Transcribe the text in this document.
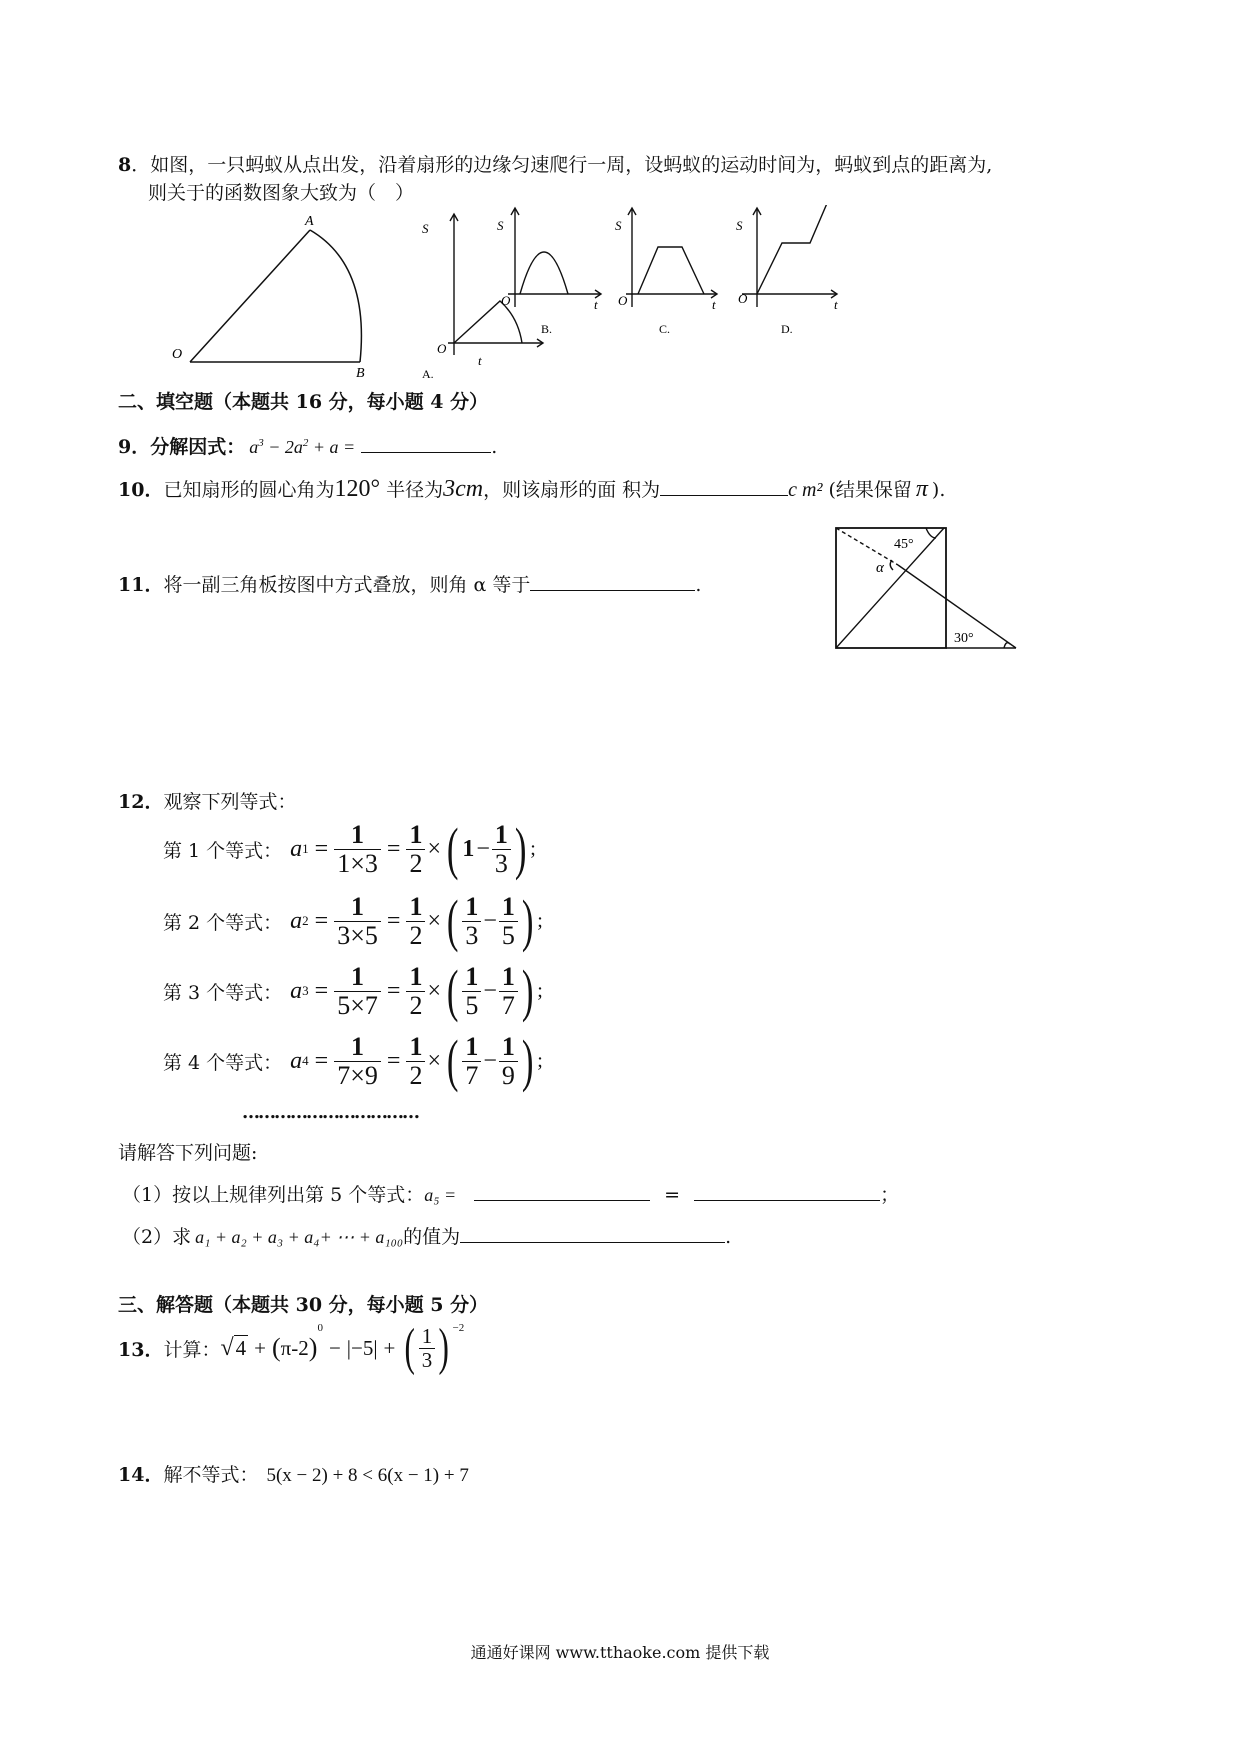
8．如图，一只蚂蚁从点出发，沿着扇形的边缘匀速爬行一周，设蚂蚁的运动时间为，蚂蚁到点的距离为,
则关于的函数图象大致为（　）
A
O
B
S
t
O
A.
S
t
O
B.
S
t
O
C.
S
t
O
D.
二、填空题（本题共 16 分，每小题 4 分）
9． 分解因式： $a^3 - 2a^2 + a$ =	.
10． 已知扇形的圆心角为 120° 半径为 3cm ，则该扇形的面 积为	c m² (结果保留 π ).
11． 将一副三角板按图中方式叠放，则角 α 等于	.
45°
α
30°
12． 观察下列等式：
第 1 个等式： a $1 = \frac{1}{1\times 3} = \frac{1}{2}$ × ( $1 - \frac{1}{3}$ ) ;
第 2 个等式： a $2 = \frac{1}{3\times 5} = \frac{1}{2}$ × ( $\frac{1}{3} - \frac{1}{5}$ ) ;
第 3 个等式： a $3 = \frac{1}{5\times 7} = \frac{1}{2}$ × ( $\frac{1}{5} - \frac{1}{7}$ ) ;
第 4 个等式： a $4 = \frac{1}{7\times 9} = \frac{1}{2}$ × ( $\frac{1}{7} - \frac{1}{9}$ ) ;
……………………………
请解答下列问题:
（1）按以上规律列出第 5 个等式： a₅ =	=	；
（2）求 a₁ + a₂ + a₃ + a₄+ ⋯ + a₁₀₀ 的值为	.
三、解答题（本题共 30 分，每小题 5 分）
13． 计算： √ 4 + ( π-2 )
$^0$
− |−5| + ( $\frac{1}{3}$ ) $^{-2}$
14． 解不等式： 5(x − 2) + 8 < 6(x − 1) + 7
通通好课网 www.tthaoke.com 提供下载
